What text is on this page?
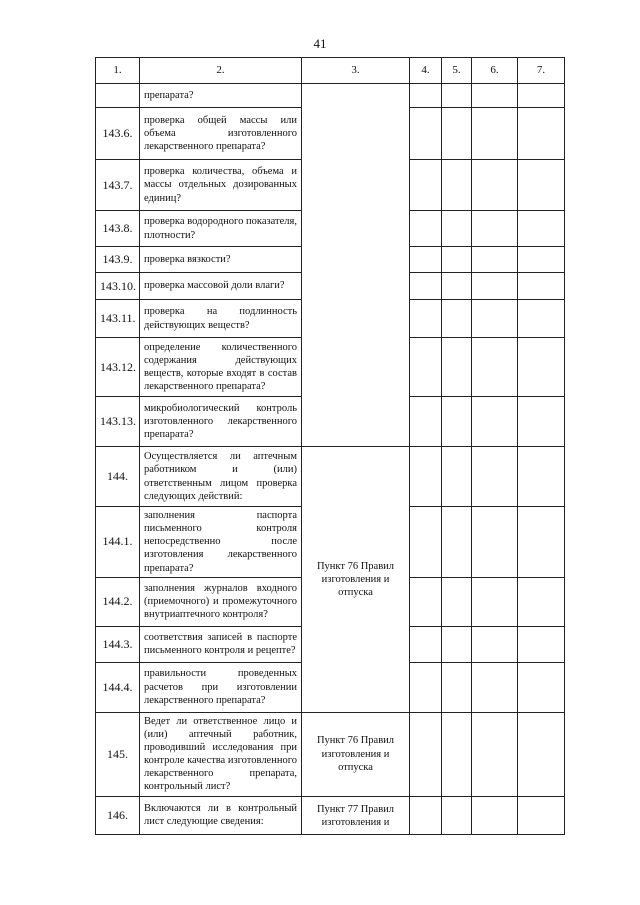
41
1.	2.	3.	4.	5.	6.	7.
	препарата?					
143.6.	проверка общей массы или объема изготовленного лекарственного препарата?					
143.7.	проверка количества, объема и массы отдельных дозированных единиц?					
143.8.	проверка водородного показателя, плотности?					
143.9.	проверка вязкости?					
143.10.	проверка массовой доли влаги?					
143.11.	проверка на подлинность действующих веществ?					
143.12.	определение количественного содержания действующих веществ, которые входят в состав лекарственного препарата?					
143.13.	микробиологический контроль изготовленного лекарственного препарата?					
144.	Осуществляется ли аптечным работником и (или) ответственным лицом проверка следующих действий:	Пункт 76 Правил изготовления и отпуска				
144.1.	заполнения паспорта письменного контроля непосредственно после изготовления лекарственного препарата?					
144.2.	заполнения журналов входного (приемочного) и промежуточного внутриаптечного контроля?					
144.3.	соответствия записей в паспорте письменного контроля и рецепте?					
144.4.	правильности проведенных расчетов при изготовлении лекарственного препарата?					
145.	Ведет ли ответственное лицо и (или) аптечный работник, проводивший исследования при контроле качества изготовленного лекарственного препарата, контрольный лист?	Пункт 76 Правил изготовления и отпуска				
146.	Включаются ли в контрольный лист следующие сведения:	Пункт 77 Правил изготовления и				
